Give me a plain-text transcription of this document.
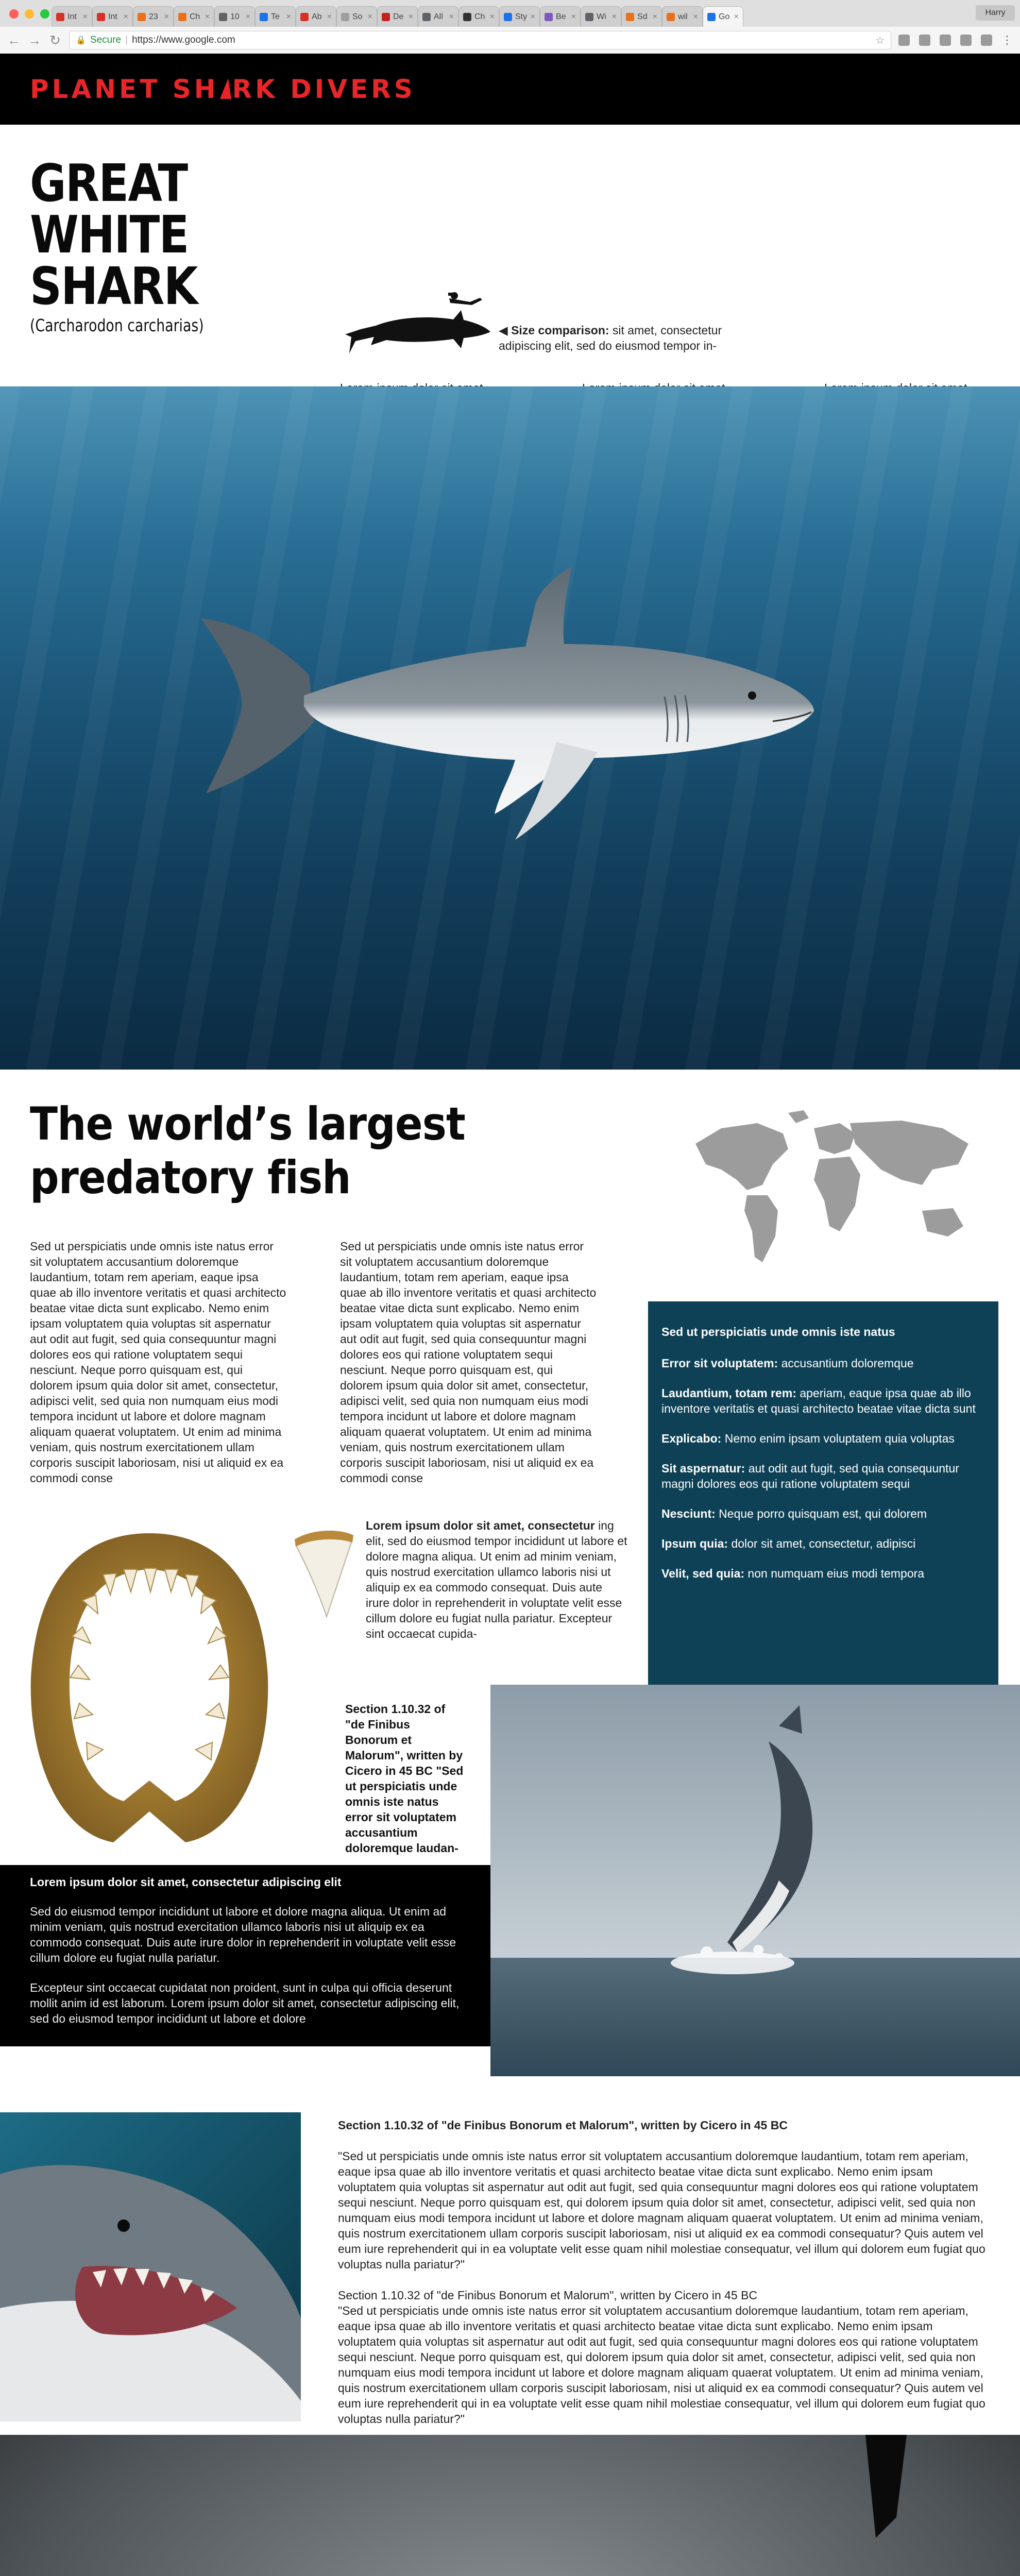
Int ×	Int ×	23 ×	Ch ×	10 ×	Te ×	Ab ×	So ×	De ×	All ×	Ch ×	Sty ×	Be ×	Wi ×	Sd ×	wil ×	Go ×	Harry
← → ↻ 🔒 Secure | https://www.google.com	☆	⋮
PLANET SH RK DIVERS
GREAT
WHITE
SHARK
(Carcharodon carcharias)	◀ Size comparison: sit amet, consectetur adipiscing elit, sed do eiusmod tempor in-
The world’s largest
predatory fish
Sed ut perspiciatis unde omnis iste natus error sit voluptatem accusantium doloremque laudantium, totam rem aperiam, eaque ipsa quae ab illo inventore veritatis et quasi architecto beatae vitae dicta sunt explicabo. Nemo enim ipsam voluptatem quia voluptas sit aspernatur aut odit aut fugit, sed quia consequuntur magni dolores eos qui ratione voluptatem sequi nesciunt. Neque porro quisquam est, qui dolorem ipsum quia dolor sit amet, consectetur, adipisci velit, sed quia non numquam eius modi tempora incidunt ut labore et dolore magnam aliquam quaerat voluptatem. Ut enim ad minima veniam, quis nostrum exercitationem ullam corporis suscipit laboriosam, nisi ut aliquid ex ea commodi conse
Sed ut perspiciatis unde omnis iste natus error sit voluptatem accusantium doloremque laudantium, totam rem aperiam, eaque ipsa quae ab illo inventore veritatis et quasi architecto beatae vitae dicta sunt explicabo. Nemo enim ipsam voluptatem quia voluptas sit aspernatur aut odit aut fugit, sed quia consequuntur magni dolores eos qui ratione voluptatem sequi nesciunt. Neque porro quisquam est, qui dolorem ipsum quia dolor sit amet, consectetur, adipisci velit, sed quia non numquam eius modi tempora incidunt ut labore et dolore magnam aliquam quaerat voluptatem. Ut enim ad minima veniam, quis nostrum exercitationem ullam corporis suscipit laboriosam, nisi ut aliquid ex ea commodi conse
Sed ut perspiciatis unde omnis iste natus
Error sit voluptatem: accusantium doloremque
Laudantium, totam rem: aperiam, eaque ipsa quae ab illo inventore veritatis et quasi architecto beatae vitae dicta sunt
Explicabo: Nemo enim ipsam voluptatem quia voluptas
Sit aspernatur: aut odit aut fugit, sed quia consequuntur magni dolores eos qui ratione voluptatem sequi
Nesciunt: Neque porro quisquam est, qui dolorem
Ipsum quia: dolor sit amet, consectetur, adipisci
Velit, sed quia: non numquam eius modi tempora
Lorem ipsum dolor sit amet, consectetur ing elit, sed do eiusmod tempor incididunt ut labore et dolore magna aliqua. Ut enim ad minim veniam, quis nostrud exercitation ullamco laboris nisi ut aliquip ex ea commodo consequat. Duis aute irure dolor in reprehenderit in voluptate velit esse cillum dolore eu fugiat nulla pariatur. Excepteur sint occaecat cupida-
Section 1.10.32 of "de Finibus Bonorum et Malorum", written by Cicero in 45 BC "Sed ut perspiciatis unde omnis iste natus error sit voluptatem accusantium doloremque laudan-
Lorem ipsum dolor sit amet, consectetur adipiscing elit

Sed do eiusmod tempor incididunt ut labore et dolore magna aliqua. Ut enim ad minim veniam, quis nostrud exercitation ullamco laboris nisi ut aliquip ex ea commodo consequat. Duis aute irure dolor in reprehenderit in voluptate velit esse cillum dolore eu fugiat nulla pariatur.

Excepteur sint occaecat cupidatat non proident, sunt in culpa qui officia deserunt mollit anim id est laborum. Lorem ipsum dolor sit amet, consectetur adipiscing elit, sed do eiusmod tempor incididunt ut labore et dolore

Section 1.10.32 of "de Finibus Bonorum et Malorum", written by Cicero in 45 BC

"Sed ut perspiciatis unde omnis iste natus error sit voluptatem accusantium doloremque laudantium, totam rem aperiam, eaque ipsa quae ab illo inventore veritatis et quasi architecto beatae vitae dicta sunt explicabo. Nemo enim ipsam voluptatem quia voluptas sit aspernatur aut odit aut fugit, sed quia consequuntur magni dolores eos qui ratione voluptatem sequi nesciunt. Neque porro quisquam est, qui dolorem ipsum quia dolor sit amet, consectetur, adipisci velit, sed quia non numquam eius modi tempora incidunt ut labore et dolore magnam aliquam quaerat voluptatem. Ut enim ad minima veniam, quis nostrum exercitationem ullam corporis suscipit laboriosam, nisi ut aliquid ex ea commodi consequatur? Quis autem vel eum iure reprehenderit qui in ea voluptate velit esse quam nihil molestiae consequatur, vel illum qui dolorem eum fugiat quo voluptas nulla pariatur?"

Section 1.10.32 of "de Finibus Bonorum et Malorum", written by Cicero in 45 BC

"Sed ut perspiciatis unde omnis iste natus error sit voluptatem accusantium doloremque laudantium, totam rem aperiam, eaque ipsa quae ab illo inventore veritatis et quasi architecto beatae vitae dicta sunt explicabo. Nemo enim ipsam voluptatem quia voluptas sit aspernatur aut odit aut fugit, sed quia consequuntur magni dolores eos qui ratione voluptatem sequi nesciunt. Neque porro quisquam est, qui dolorem ipsum quia dolor sit amet, consectetur, adipisci velit, sed quia non numquam eius modi tempora incidunt ut labore et dolore magnam aliquam quaerat voluptatem. Ut enim ad minima veniam, quis nostrum exercitationem ullam corporis suscipit laboriosam, nisi ut aliquid ex ea commodi consequatur? Quis autem vel eum iure reprehenderit qui in ea voluptate velit esse quam nihil molestiae consequatur, vel illum qui dolorem eum fugiat quo voluptas nulla pariatur?"
